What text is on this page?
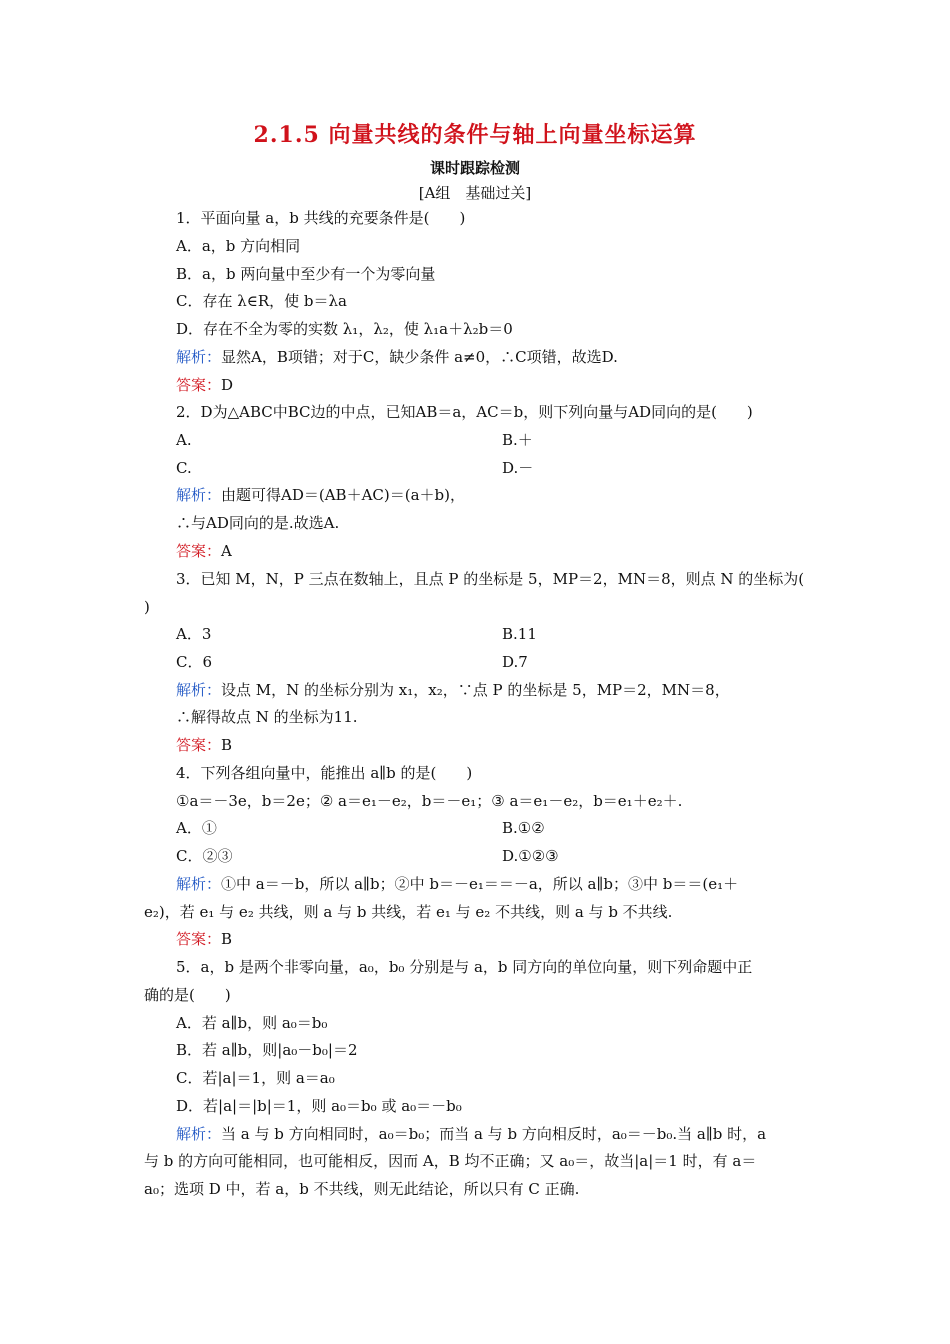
2.1.5 向量共线的条件与轴上向量坐标运算
课时跟踪检测
[A组　基础过关]
1．平面向量 a，b 共线的充要条件是(　　)
A．a，b 方向相同
B．a，b 两向量中至少有一个为零向量
C．存在 λ∈R，使 b＝λa
D．存在不全为零的实数 λ₁，λ₂，使 λ₁a＋λ₂b＝0
解析：显然A，B项错；对于C，缺少条件 a≠0，∴C项错，故选D.
答案：D
2．D为△ABC中BC边的中点，已知AB＝a，AC＝b，则下列向量与AD同向的是(　　)
A.	B.＋
C.	D.－
解析：由题可得AD＝(AB＋AC)＝(a＋b)，
∴与AD同向的是.故选A.
答案：A
3．已知 M，N，P 三点在数轴上，且点 P 的坐标是 5，MP＝2，MN＝8，则点 N 的坐标为(
)
A．3	B.11
C．6	D.7
解析：设点 M，N 的坐标分别为 x₁，x₂，∵点 P 的坐标是 5，MP＝2，MN＝8，
∴解得故点 N 的坐标为11.
答案：B
4．下列各组向量中，能推出 a∥b 的是(　　)
①a＝－3e，b＝2e；② a＝e₁－e₂，b＝－e₁；③ a＝e₁－e₂，b＝e₁＋e₂＋.
A．①	B.①②
C．②③	D.①②③
解析：①中 a＝－b，所以 a∥b；②中 b＝－e₁＝＝－a，所以 a∥b；③中 b＝＝(e₁＋
e₂)，若 e₁ 与 e₂ 共线，则 a 与 b 共线，若 e₁ 与 e₂ 不共线，则 a 与 b 不共线.
答案：B
5．a，b 是两个非零向量，a₀，b₀ 分别是与 a，b 同方向的单位向量，则下列命题中正
确的是(　　)
A．若 a∥b，则 a₀＝b₀
B．若 a∥b，则|a₀－b₀|＝2
C．若|a|＝1，则 a＝a₀
D．若|a|＝|b|＝1，则 a₀＝b₀ 或 a₀＝－b₀
解析：当 a 与 b 方向相同时，a₀＝b₀；而当 a 与 b 方向相反时，a₀＝－b₀.当 a∥b 时，a
与 b 的方向可能相同，也可能相反，因而 A，B 均不正确；又 a₀＝，故当|a|＝1 时，有 a＝
a₀；选项 D 中，若 a，b 不共线，则无此结论，所以只有 C 正确.
